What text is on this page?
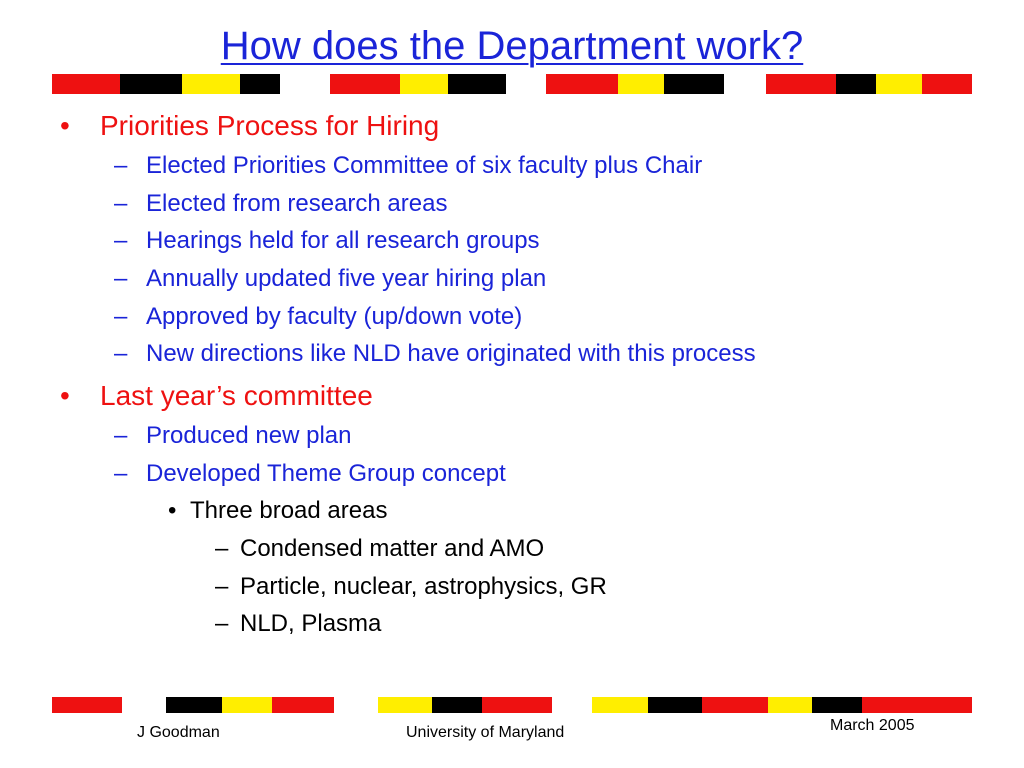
How does the Department work?
• Priorities Process for Hiring
– Elected Priorities Committee of six faculty plus Chair
– Elected from research areas
– Hearings held for all research groups
– Annually updated five year hiring plan
– Approved by faculty (up/down vote)
– New directions like NLD have originated with this process
• Last year’s committee
– Produced new plan
– Developed Theme Group concept
• Three broad areas
– Condensed matter and AMO
– Particle, nuclear, astrophysics, GR
– NLD, Plasma
J Goodman	University of Maryland	March 2005
